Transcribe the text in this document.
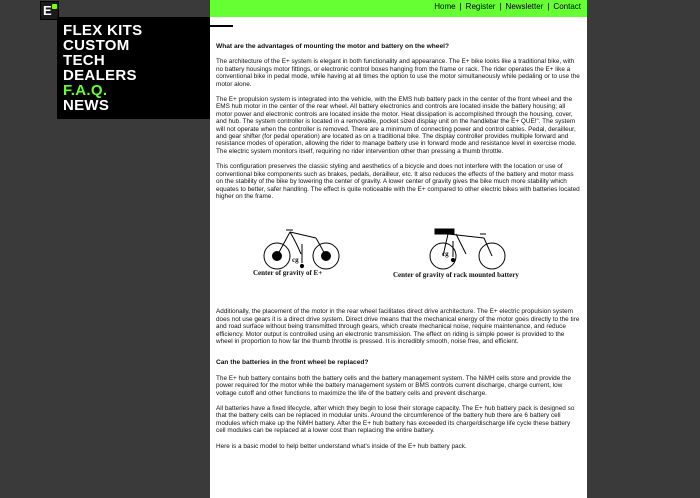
E	Home | Register | Newsletter | Contact
FLEX KITS
CUSTOM
TECH
DEALERS
F.A.Q.
NEWS
What are the advantages of mounting the motor and battery on the wheel?

The architecture of the E+ system is elegant in both functionality and appearance. The E+ bike looks like a traditional bike, with no battery housings motor fittings, or electronic control boxes hanging from the frame or rack. The rider operates the E+ like a conventional bike in pedal mode, while having at all times the option to use the motor simultaneously while pedaling or to use the motor alone.

The E+ propulsion system is integrated into the vehicle, with the EMS hub battery pack in the center of the front wheel and the EMS hub motor in the center of the rear wheel. All battery electronics and controls are located inside the battery housing; all motor power and electronic controls are located inside the motor. Heat dissipation is accomplished through the housing, cover, and hub. The system controller is located in a removable, pocket sized display unit on the handlebar the E+ QUE!". The system will not operate when the controller is removed. There are a minimum of connecting power and control cables. Pedal, derailleur, and gear shifter (for pedal operation) are located as on a traditional bike. The display controller provides multiple forward and resistance modes of operation, allowing the rider to manage battery use in forward mode and resistance level in exercise mode. The electric system monitors itself, requiring no rider intervention other than pressing a thumb throttle.

This configuration preserves the classic styling and aesthetics of a bicycle and does not interfere with the location or use of conventional bike components such as brakes, pedals, derailleur, etc. It also reduces the effects of the battery and motor mass on the stability of the bike by lowering the center of gravity. A lower center of gravity gives the bike much more stability which equates to better, safer handling. The effect is quite noticeable with the E+ compared to other electric bikes with batteries located higher on the frame.

cg
cg
Center of gravity of E+	Center of gravity of rack mounted battery

Additionally, the placement of the motor in the rear wheel facilitates direct drive architecture. The E+ electric propulsion system does not use gears it is a direct drive system. Direct drive means that the mechanical energy of the motor goes directly to the tire and road surface without being transmitted through gears, which create mechanical noise, require maintenance, and reduce efficiency. Motor output is controlled using an electronic transmission. The effect on riding is simple power is provided to the wheel in proportion to how far the thumb throttle is pressed. It is incredibly smooth, noise free, and efficient.

Can the batteries in the front wheel be replaced?

The E+ hub battery contains both the battery cells and the battery management system. The NiMH cells store and provide the power required for the motor while the battery management system or BMS controls current discharge, charge current, low voltage cutoff and other functions to maximize the life of the battery cells and prevent discharge.

All batteries have a fixed lifecycle, after which they begin to lose their storage capacity. The E+ hub battery pack is designed so that the battery cells can be replaced in modular units. Around the circumference of the battery hub there are 6 battery cell modules which make up the NiMH battery. After the E+ hub battery has exceeded its charge/discharge life cycle these battery cell modules can be replaced at a lower cost than replacing the entire battery.

Here is a basic model to help better understand what's inside of the E+ hub battery pack.
